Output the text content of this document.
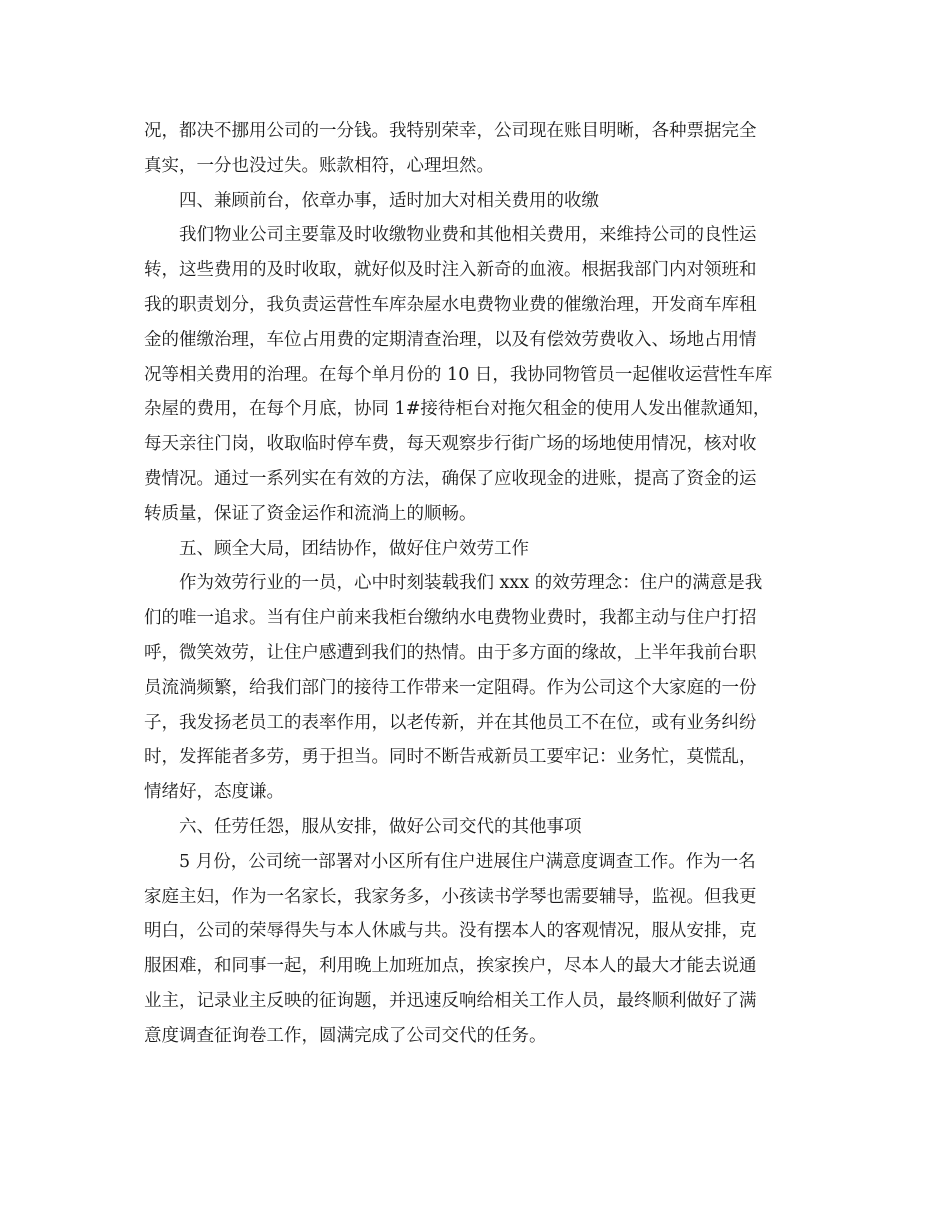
况，都决不挪用公司的一分钱。我特别荣幸，公司现在账目明晰，各种票据完全
真实，一分也没过失。账款相符，心理坦然。
四、兼顾前台，依章办事，适时加大对相关费用的收缴
我们物业公司主要靠及时收缴物业费和其他相关费用，来维持公司的良性运
转，这些费用的及时收取，就好似及时注入新奇的血液。根据我部门内对领班和
我的职责划分，我负责运营性车库杂屋水电费物业费的催缴治理，开发商车库租
金的催缴治理，车位占用费的定期清查治理，以及有偿效劳费收入、场地占用情
况等相关费用的治理。在每个单月份的 10 日，我协同物管员一起催收运营性车库
杂屋的费用，在每个月底，协同 1#接待柜台对拖欠租金的使用人发出催款通知，
每天亲往门岗，收取临时停车费，每天观察步行街广场的场地使用情况，核对收
费情况。通过一系列实在有效的方法，确保了应收现金的进账，提高了资金的运
转质量，保证了资金运作和流淌上的顺畅。
五、顾全大局，团结协作，做好住户效劳工作
作为效劳行业的一员，心中时刻装载我们 xxx 的效劳理念：住户的满意是我
们的唯一追求。当有住户前来我柜台缴纳水电费物业费时，我都主动与住户打招
呼，微笑效劳，让住户感遭到我们的热情。由于多方面的缘故，上半年我前台职
员流淌频繁，给我们部门的接待工作带来一定阻碍。作为公司这个大家庭的一份
子，我发扬老员工的表率作用，以老传新，并在其他员工不在位，或有业务纠纷
时，发挥能者多劳，勇于担当。同时不断告戒新员工要牢记：业务忙，莫慌乱，
情绪好，态度谦。
六、任劳任怨，服从安排，做好公司交代的其他事项
5 月份，公司统一部署对小区所有住户进展住户满意度调查工作。作为一名
家庭主妇，作为一名家长，我家务多，小孩读书学琴也需要辅导，监视。但我更
明白，公司的荣辱得失与本人休戚与共。没有摆本人的客观情况，服从安排，克
服困难，和同事一起，利用晚上加班加点，挨家挨户，尽本人的最大才能去说通
业主，记录业主反映的征询题，并迅速反响给相关工作人员，最终顺利做好了满
意度调查征询卷工作，圆满完成了公司交代的任务。
